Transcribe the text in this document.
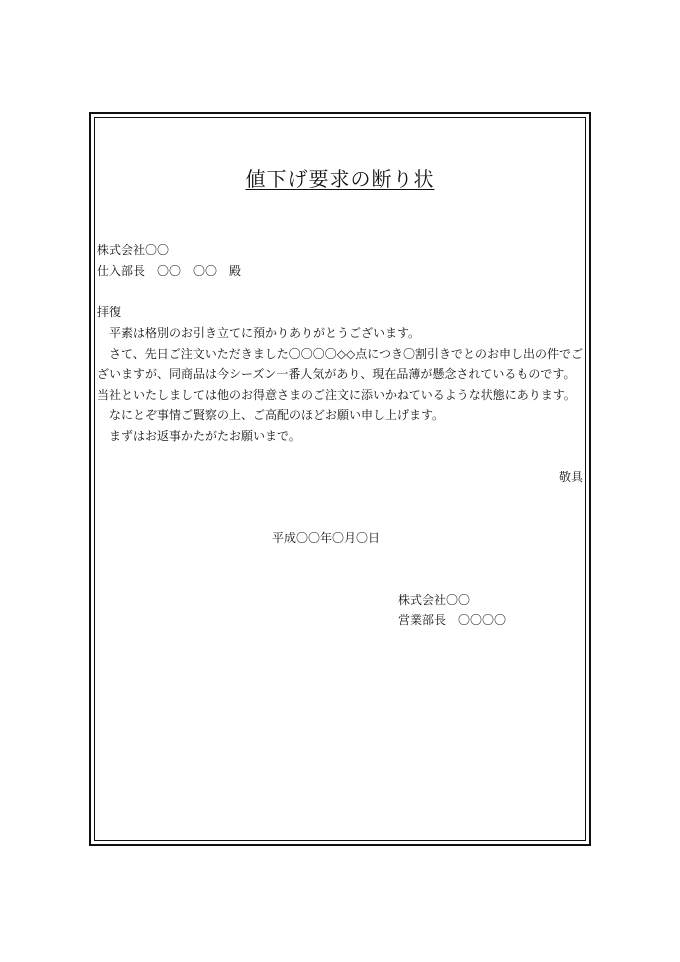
値下げ要求の断り状
株式会社〇〇
仕入部長　〇〇　〇〇　殿
拝復

平素は格別のお引き立てに預かりありがとうございます。

さて、先日ご注文いただきました〇〇〇〇◇◇点につき〇割引きでとのお申し出の件でございますが、同商品は今シーズン一番人気があり、現在品薄が懸念されているものです。当社といたしましては他のお得意さまのご注文に添いかねているような状態にあります。

なにとぞ事情ご賢察の上、ご高配のほどお願い申し上げます。

まずはお返事かたがたお願いまで。

敬具
平成〇〇年〇月〇日
株式会社〇〇
営業部長　〇〇〇〇
